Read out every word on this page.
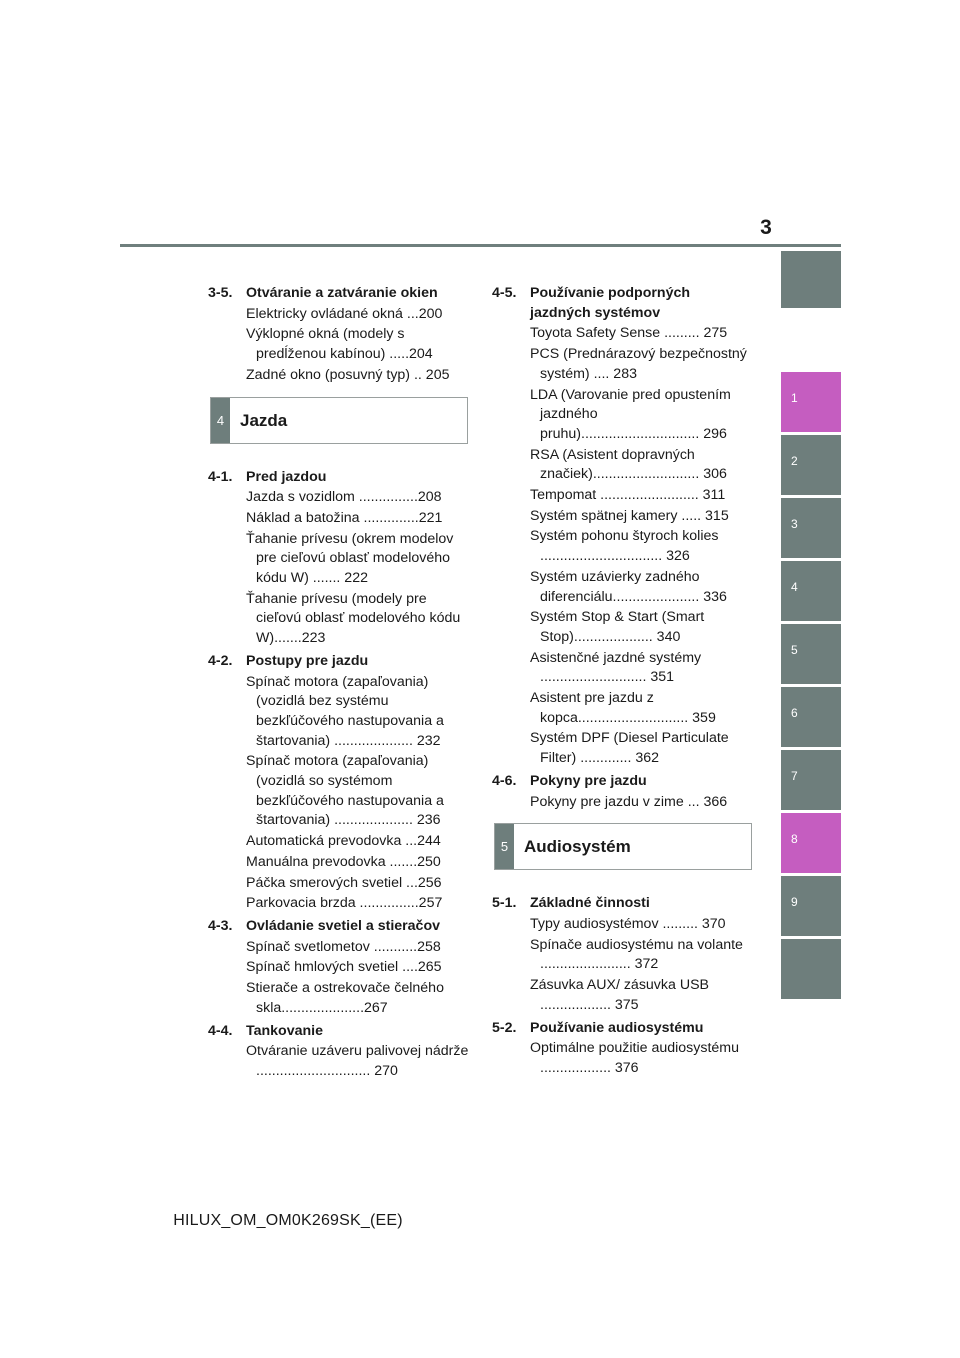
3
1
2
3
4
5
6
7
8
9
3-5. Otváranie a zatváranie okien
Elektricky ovládané okná ...200
Výklopné okná (modely s predĺženou kabínou) .....204
Zadné okno (posuvný typ) .. 205
4 Jazda
4-1. Pred jazdou
Jazda s vozidlom ...............208
Náklad a batožina ..............221
Ťahanie prívesu (okrem modelov pre cieľovú oblasť modelového kódu W) ....... 222
Ťahanie prívesu (modely pre cieľovú oblasť modelového kódu W).......223
4-2. Postupy pre jazdu
Spínač motora (zapaľovania) (vozidlá bez systému bezkľúčového nastupovania a štartovania) .................... 232
Spínač motora (zapaľovania) (vozidlá so systémom bezkľúčového nastupovania a štartovania) .................... 236
Automatická prevodovka ...244
Manuálna prevodovka .......250
Páčka smerových svetiel ...256
Parkovacia brzda ...............257
4-3. Ovládanie svetiel a stieračov
Spínač svetlometov ...........258
Spínač hmlových svetiel ....265
Stierače a ostrekovače čelného skla.....................267
4-4. Tankovanie
Otváranie uzáveru palivovej nádrže ............................. 270
4-5. Používanie podporných jazdných systémov
Toyota Safety Sense ......... 275
PCS (Prednárazový bezpečnostný systém) .... 283
LDA (Varovanie pred opustením jazdného pruhu).............................. 296
RSA (Asistent dopravných značiek)........................... 306
Tempomat ......................... 311
Systém spätnej kamery ..... 315
Systém pohonu štyroch kolies ............................... 326
Systém uzávierky zadného diferenciálu...................... 336
Systém Stop & Start (Smart Stop).................... 340
Asistenčné jazdné systémy ........................... 351
Asistent pre jazdu z kopca............................ 359
Systém DPF (Diesel Particulate Filter) ............. 362
4-6. Pokyny pre jazdu
Pokyny pre jazdu v zime ... 366
5 Audiosystém
5-1. Základné činnosti
Typy audiosystémov ......... 370
Spínače audiosystému na volante ....................... 372
Zásuvka AUX/ zásuvka USB .................. 375
5-2. Používanie audiosystému
Optimálne použitie audiosystému .................. 376
HILUX_OM_OM0K269SK_(EE)
